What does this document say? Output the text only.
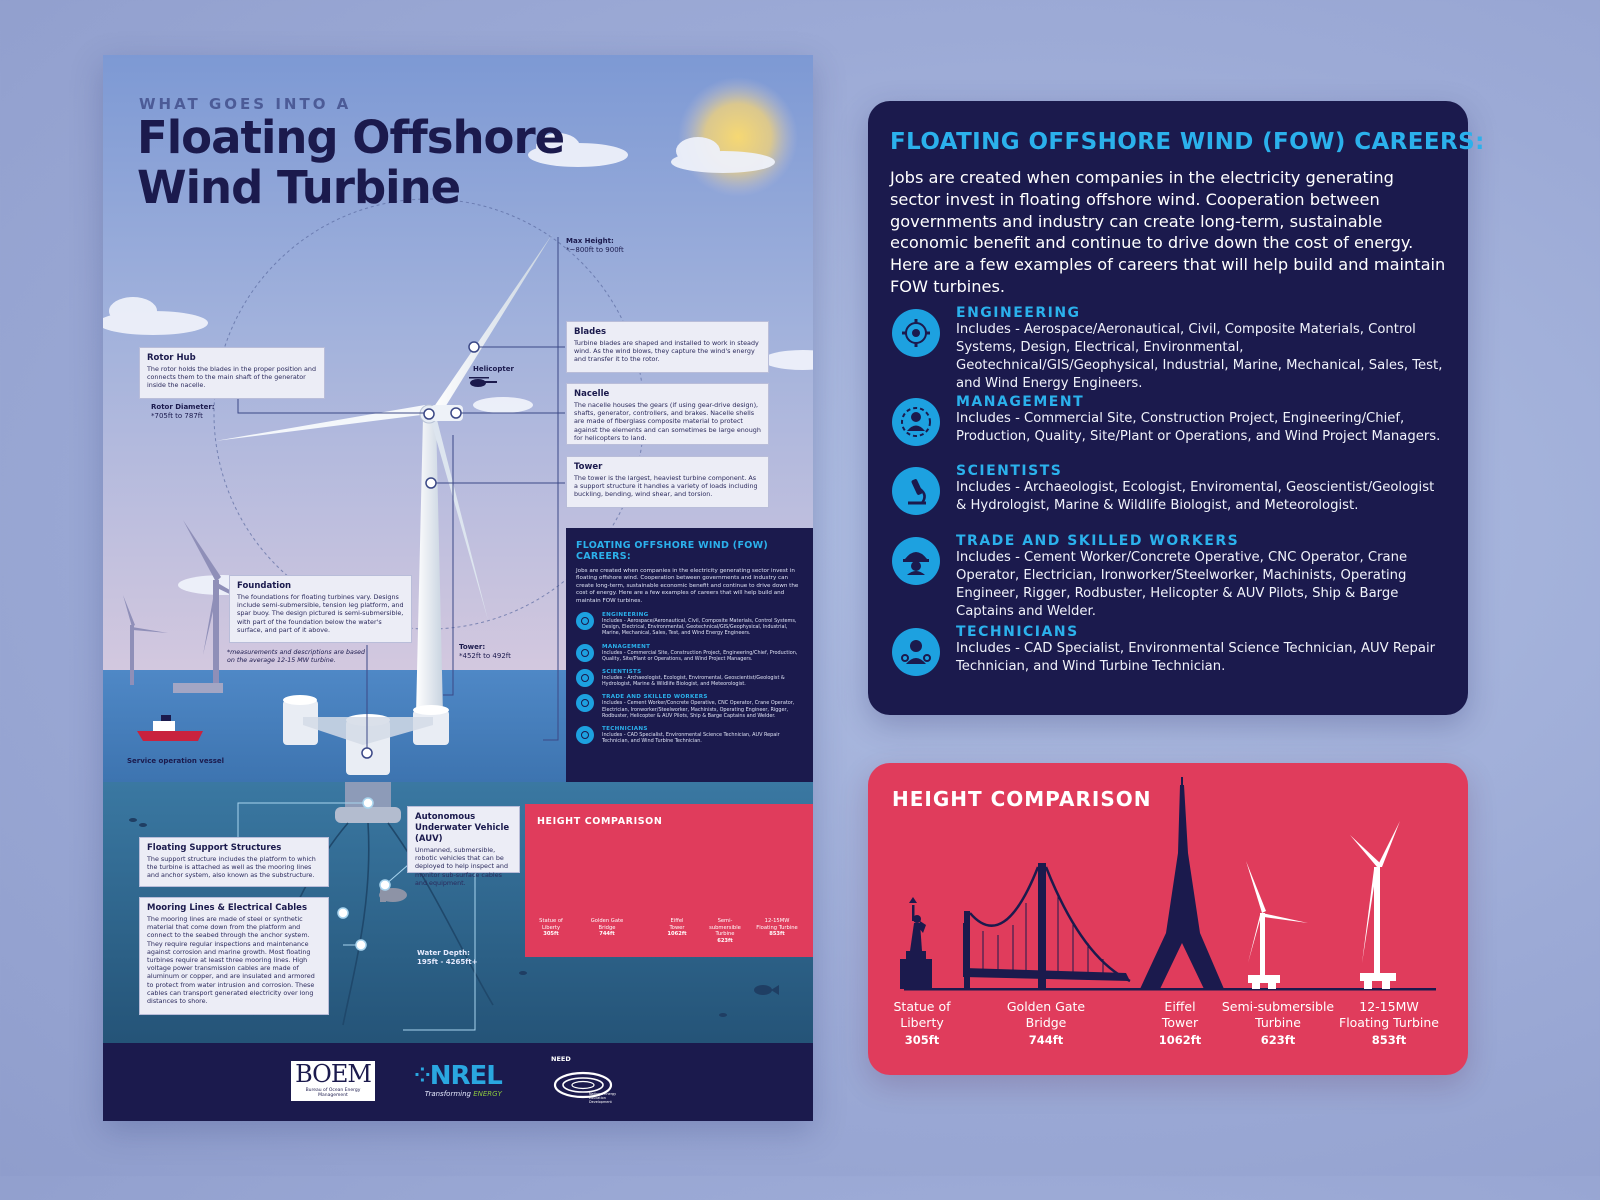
WHAT GOES INTO A
Floating Offshore Wind Turbine
Max Height:
*~800ft to 900ft
Rotor Diameter:
*705ft to 787ft
Helicopter
Tower:
*452ft to 492ft
*measurements and descriptions are based on the average 12-15 MW turbine.
Service operation vessel
Water Depth:
195ft - 4265ft+
Rotor Hub
The rotor holds the blades in the proper position and connects them to the main shaft of the generator inside the nacelle.
Blades
Turbine blades are shaped and installed to work in steady wind. As the wind blows, they capture the wind's energy and transfer it to the rotor.
Nacelle
The nacelle houses the gears (if using gear-drive design), shafts, generator, controllers, and brakes. Nacelle shells are made of fiberglass composite material to protect against the elements and can sometimes be large enough for helicopters to land.
Tower
The tower is the largest, heaviest turbine component. As a support structure it handles a variety of loads including buckling, bending, wind shear, and torsion.
Foundation
The foundations for floating turbines vary. Designs include semi-submersible, tension leg platform, and spar buoy. The design pictured is semi-submersible, with part of the foundation below the water's surface, and part of it above.
Floating Support Structures
The support structure includes the platform to which the turbine is attached as well as the mooring lines and anchor system, also known as the substructure.
Autonomous Underwater Vehicle (AUV)
Unmanned, submersible, robotic vehicles that can be deployed to help inspect and monitor sub-surface cables and equipment.
Mooring Lines & Electrical Cables
The mooring lines are made of steel or synthetic material that come down from the platform and connect to the seabed through the anchor system. They require regular inspections and maintenance against corrosion and marine growth. Most floating turbines require at least three mooring lines. High voltage power transmission cables are made of aluminum or copper, and are insulated and armored to protect from water intrusion and corrosion. These cables can transport generated electricity over long distances to shore.
FLOATING OFFSHORE WIND (FOW) CAREERS:
Jobs are created when companies in the electricity generating sector invest in floating offshore wind. Cooperation between governments and industry can create long-term, sustainable economic benefit and continue to drive down the cost of energy. Here are a few examples of careers that will help build and maintain FOW turbines.
ENGINEERING
Includes - Aerospace/Aeronautical, Civil, Composite Materials, Control Systems, Design, Electrical, Environmental, Geotechnical/GIS/Geophysical, Industrial, Marine, Mechanical, Sales, Test, and Wind Energy Engineers.
MANAGEMENT
Includes - Commercial Site, Construction Project, Engineering/Chief, Production, Quality, Site/Plant or Operations, and Wind Project Managers.
SCIENTISTS
Includes - Archaeologist, Ecologist, Enviromental, Geoscientist/Geologist & Hydrologist, Marine & Wildlife Biologist, and Meteorologist.
TRADE AND SKILLED WORKERS
Includes - Cement Worker/Concrete Operative, CNC Operator, Crane Operator, Electrician, Ironworker/Steelworker, Machinists, Operating Engineer, Rigger, Rodbuster, Helicopter & AUV Pilots, Ship & Barge Captains and Welder.
TECHNICIANS
Includes - CAD Specialist, Environmental Science Technician, AUV Repair Technician, and Wind Turbine Technician.
HEIGHT COMPARISON
Statue of
Liberty
305ft
Golden Gate
Bridge
744ft
Eiffel
Tower
1062ft
Semi-submersible
Turbine
623ft
12-15MW
Floating Turbine
853ft
BOEM
Bureau of Ocean Energy Management
⁘NREL
Transforming ENERGY
NEED
National Energy Education Development
FLOATING OFFSHORE WIND (FOW) CAREERS:
Jobs are created when companies in the electricity generating sector invest in floating offshore wind. Cooperation between governments and industry can create long-term, sustainable economic benefit and continue to drive down the cost of energy. Here are a few examples of careers that will help build and maintain FOW turbines.
ENGINEERING
Includes - Aerospace/Aeronautical, Civil, Composite Materials, Control Systems, Design, Electrical, Environmental, Geotechnical/GIS/Geophysical, Industrial, Marine, Mechanical, Sales, Test, and Wind Energy Engineers.
MANAGEMENT
Includes - Commercial Site, Construction Project, Engineering/Chief, Production, Quality, Site/Plant or Operations, and Wind Project Managers.
SCIENTISTS
Includes - Archaeologist, Ecologist, Enviromental, Geoscientist/Geologist & Hydrologist, Marine & Wildlife Biologist, and Meteorologist.
TRADE AND SKILLED WORKERS
Includes - Cement Worker/Concrete Operative, CNC Operator, Crane Operator, Electrician, Ironworker/Steelworker, Machinists, Operating Engineer, Rigger, Rodbuster, Helicopter & AUV Pilots, Ship & Barge Captains and Welder.
TECHNICIANS
Includes - CAD Specialist, Environmental Science Technician, AUV Repair Technician, and Wind Turbine Technician.
HEIGHT COMPARISON
Statue of
Liberty
305ft
Golden Gate
Bridge
744ft
Eiffel
Tower
1062ft
Semi-submersible
Turbine
623ft
12-15MW
Floating Turbine
853ft
